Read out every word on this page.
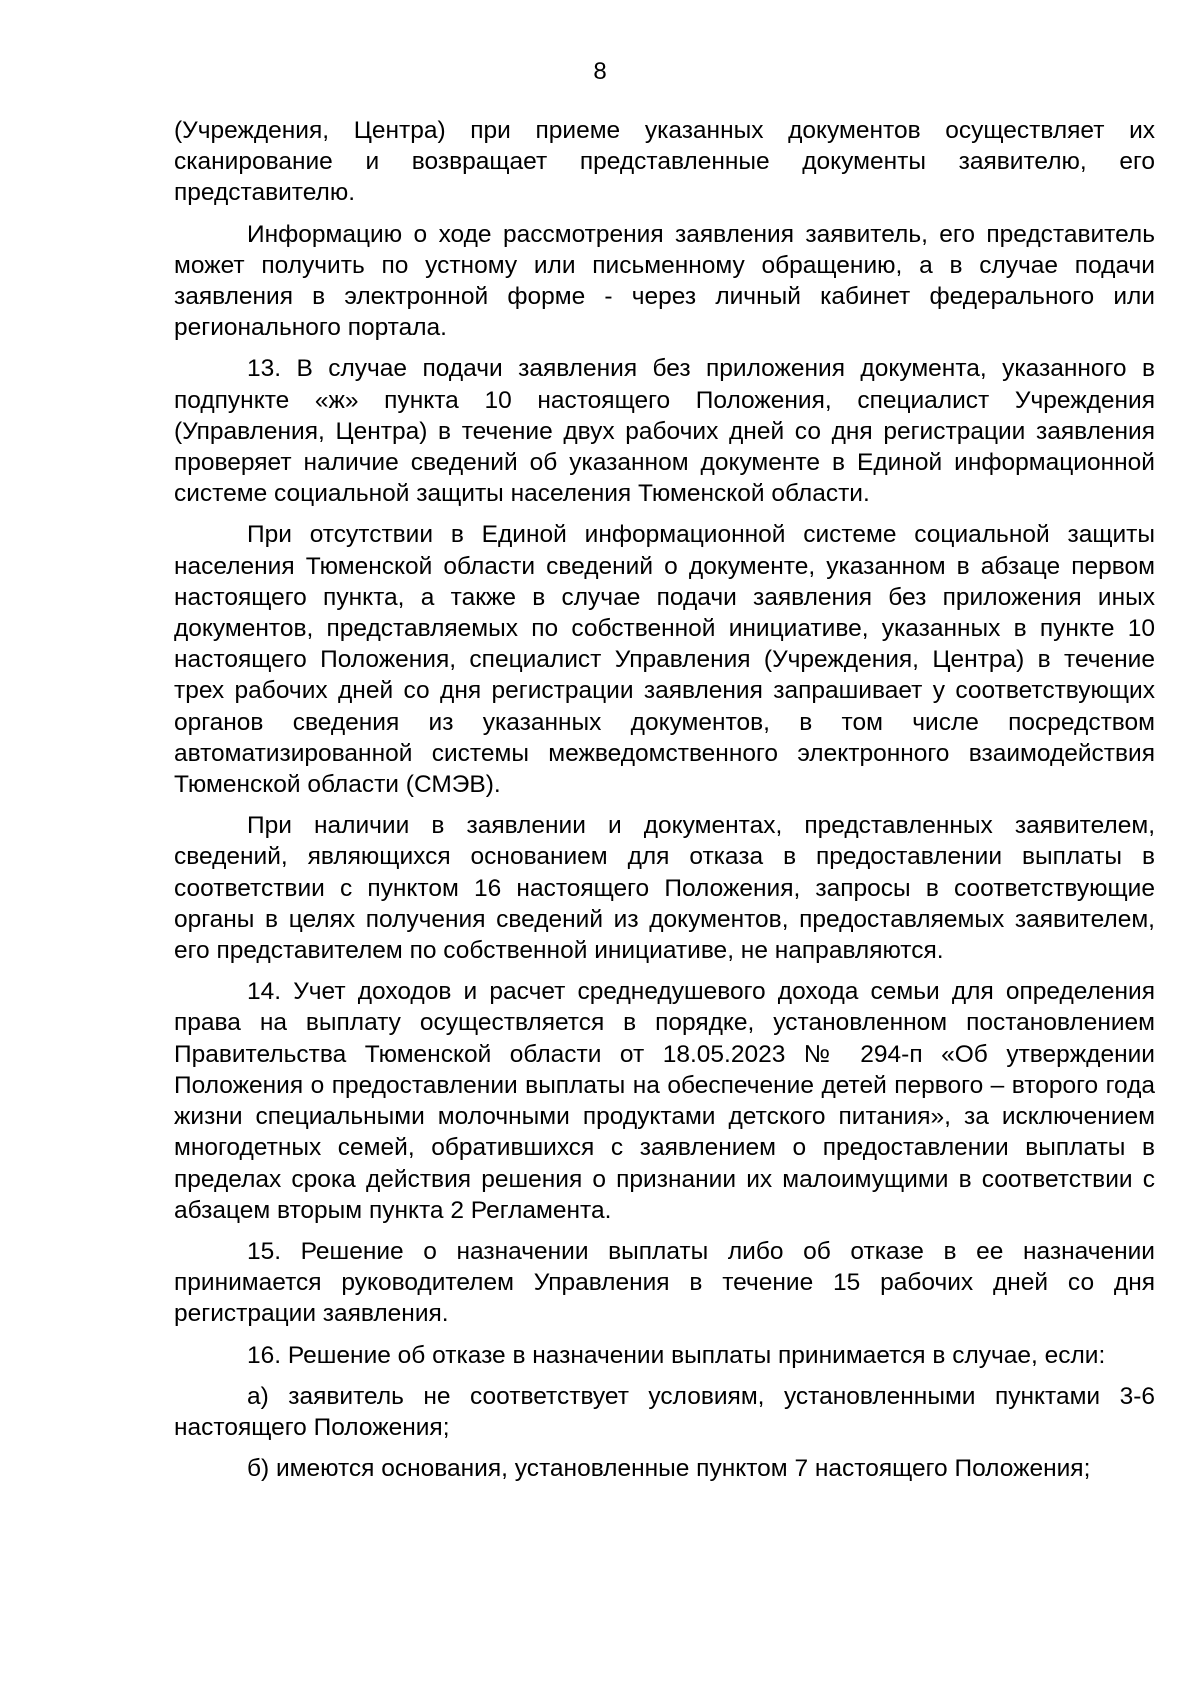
8

(Учреждения, Центра) при приеме указанных документов осуществляет их сканирование и возвращает представленные документы заявителю, его представителю.

Информацию о ходе рассмотрения заявления заявитель, его представитель может получить по устному или письменному обращению, а в случае подачи заявления в электронной форме - через личный кабинет федерального или регионального портала.

13. В случае подачи заявления без приложения документа, указанного в подпункте «ж» пункта 10 настоящего Положения, специалист Учреждения (Управления, Центра) в течение двух рабочих дней со дня регистрации заявления проверяет наличие сведений об указанном документе в Единой информационной системе социальной защиты населения Тюменской области.

При отсутствии в Единой информационной системе социальной защиты населения Тюменской области сведений о документе, указанном в абзаце первом настоящего пункта, а также в случае подачи заявления без приложения иных документов, представляемых по собственной инициативе, указанных в пункте 10 настоящего Положения, специалист Управления (Учреждения, Центра) в течение трех рабочих дней со дня регистрации заявления запрашивает у соответствующих органов сведения из указанных документов, в том числе посредством автоматизированной системы межведомственного электронного взаимодействия Тюменской области (СМЭВ).

При наличии в заявлении и документах, представленных заявителем, сведений, являющихся основанием для отказа в предоставлении выплаты в соответствии с пунктом 16 настоящего Положения, запросы в соответствующие органы в целях получения сведений из документов, предоставляемых заявителем, его представителем по собственной инициативе, не направляются.

14. Учет доходов и расчет среднедушевого дохода семьи для определения права на выплату осуществляется в порядке, установленном постановлением Правительства Тюменской области от 18.05.2023 № 294-п «Об утверждении Положения о предоставлении выплаты на обеспечение детей первого – второго года жизни специальными молочными продуктами детского питания», за исключением многодетных семей, обратившихся с заявлением о предоставлении выплаты в пределах срока действия решения о признании их малоимущими в соответствии с абзацем вторым пункта 2 Регламента.

15. Решение о назначении выплаты либо об отказе в ее назначении принимается руководителем Управления в течение 15 рабочих дней со дня регистрации заявления.

16. Решение об отказе в назначении выплаты принимается в случае, если:

а) заявитель не соответствует условиям, установленными пунктами 3-6 настоящего Положения;

б) имеются основания, установленные пунктом 7 настоящего Положения;
